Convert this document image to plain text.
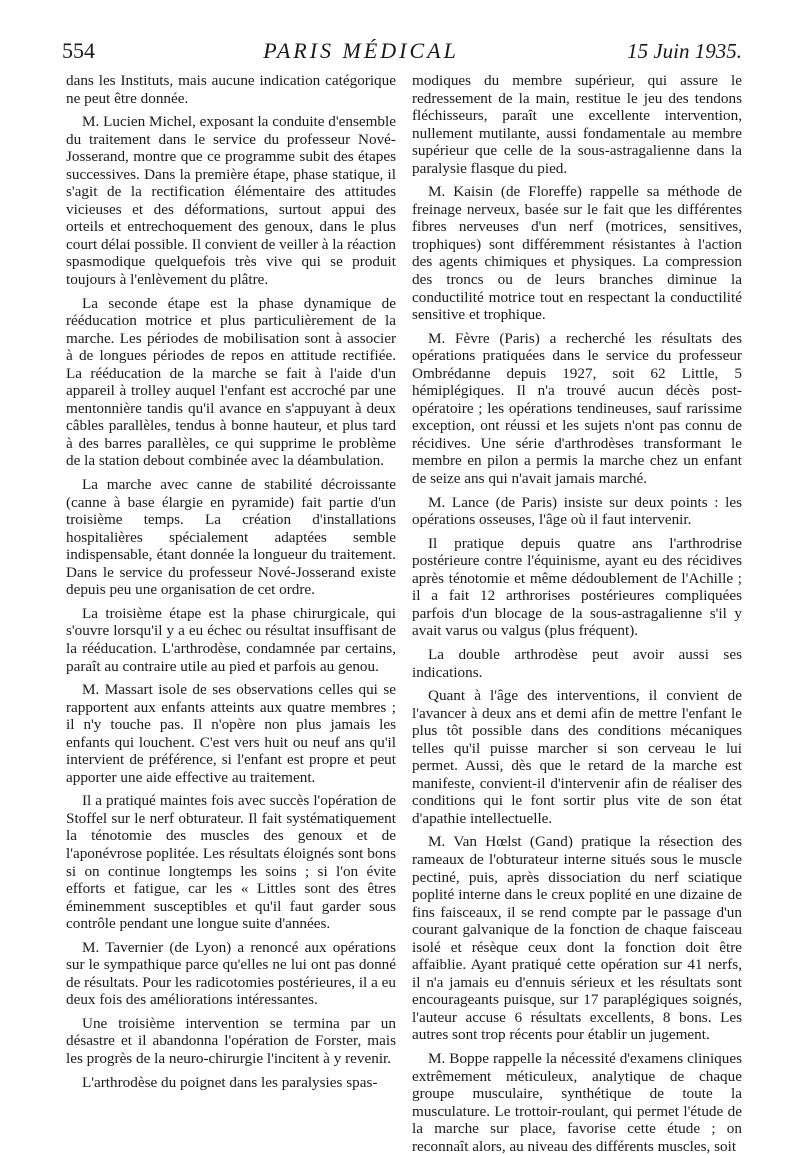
554	PARIS MÉDICAL	15 Juin 1935.

dans les Instituts, mais aucune indication catégorique ne peut être donnée.

M. Lucien Michel, exposant la conduite d'ensemble du traitement dans le service du professeur Nové-Josserand, montre que ce programme subit des étapes successives. Dans la première étape, phase statique, il s'agit de la rectification élémentaire des attitudes vicieuses et des déformations, surtout appui des orteils et entrechoquement des genoux, dans le plus court délai possible. Il convient de veiller à la réaction spasmodique quelquefois très vive qui se produit toujours à l'enlèvement du plâtre.

La seconde étape est la phase dynamique de rééducation motrice et plus particulièrement de la marche. Les périodes de mobilisation sont à associer à de longues périodes de repos en attitude rectifiée. La rééducation de la marche se fait à l'aide d'un appareil à trolley auquel l'enfant est accroché par une mentonnière tandis qu'il avance en s'appuyant à deux câbles parallèles, tendus à bonne hauteur, et plus tard à des barres parallèles, ce qui supprime le problème de la station debout combinée avec la déambulation.

La marche avec canne de stabilité décroissante (canne à base élargie en pyramide) fait partie d'un troisième temps. La création d'installations hospitalières spécialement adaptées semble indispensable, étant donnée la longueur du traitement. Dans le service du professeur Nové-Josserand existe depuis peu une organisation de cet ordre.

La troisième étape est la phase chirurgicale, qui s'ouvre lorsqu'il y a eu échec ou résultat insuffisant de la rééducation. L'arthrodèse, condamnée par certains, paraît au contraire utile au pied et parfois au genou.

M. Massart isole de ses observations celles qui se rapportent aux enfants atteints aux quatre membres ; il n'y touche pas. Il n'opère non plus jamais les enfants qui louchent. C'est vers huit ou neuf ans qu'il intervient de préférence, si l'enfant est propre et peut apporter une aide effective au traitement.

Il a pratiqué maintes fois avec succès l'opération de Stoffel sur le nerf obturateur. Il fait systématiquement la ténotomie des muscles des genoux et de l'aponévrose poplitée. Les résultats éloignés sont bons si on continue longtemps les soins ; si l'on évite efforts et fatigue, car les « Littles sont des êtres éminemment susceptibles et qu'il faut garder sous contrôle pendant une longue suite d'années.

M. Tavernier (de Lyon) a renoncé aux opérations sur le sympathique parce qu'elles ne lui ont pas donné de résultats. Pour les radicotomies postérieures, il a eu deux fois des améliorations intéressantes.

Une troisième intervention se termina par un désastre et il abandonna l'opération de Forster, mais les progrès de la neuro-chirurgie l'incitent à y revenir.

L'arthrodèse du poignet dans les paralysies spas-

modiques du membre supérieur, qui assure le redressement de la main, restitue le jeu des tendons fléchisseurs, paraît une excellente intervention, nullement mutilante, aussi fondamentale au membre supérieur que celle de la sous-astragalienne dans la paralysie flasque du pied.

M. Kaisin (de Floreffe) rappelle sa méthode de freinage nerveux, basée sur le fait que les différentes fibres nerveuses d'un nerf (motrices, sensitives, trophiques) sont différemment résistantes à l'action des agents chimiques et physiques. La compression des troncs ou de leurs branches diminue la conductilité motrice tout en respectant la conductilité sensitive et trophique.

M. Fèvre (Paris) a recherché les résultats des opérations pratiquées dans le service du professeur Ombrédanne depuis 1927, soit 62 Little, 5 hémiplégiques. Il n'a trouvé aucun décès post-opératoire ; les opérations tendineuses, sauf rarissime exception, ont réussi et les sujets n'ont pas connu de récidives. Une série d'arthrodèses transformant le membre en pilon a permis la marche chez un enfant de seize ans qui n'avait jamais marché.

M. Lance (de Paris) insiste sur deux points : les opérations osseuses, l'âge où il faut intervenir.

Il pratique depuis quatre ans l'arthrodrise postérieure contre l'équinisme, ayant eu des récidives après ténotomie et même dédoublement de l'Achille ; il a fait 12 arthrorises postérieures compliquées parfois d'un blocage de la sous-astragalienne s'il y avait varus ou valgus (plus fréquent).

La double arthrodèse peut avoir aussi ses indications.

Quant à l'âge des interventions, il convient de l'avancer à deux ans et demi afin de mettre l'enfant le plus tôt possible dans des conditions mécaniques telles qu'il puisse marcher si son cerveau le lui permet. Aussi, dès que le retard de la marche est manifeste, convient-il d'intervenir afin de réaliser des conditions qui le font sortir plus vite de son état d'apathie intellectuelle.

M. Van Hœlst (Gand) pratique la résection des rameaux de l'obturateur interne situés sous le muscle pectiné, puis, après dissociation du nerf sciatique poplité interne dans le creux poplité en une dizaine de fins faisceaux, il se rend compte par le passage d'un courant galvanique de la fonction de chaque faisceau isolé et résèque ceux dont la fonction doit être affaiblie. Ayant pratiqué cette opération sur 41 nerfs, il n'a jamais eu d'ennuis sérieux et les résultats sont encourageants puisque, sur 17 paraplégiques soignés, l'auteur accuse 6 résultats excellents, 8 bons. Les autres sont trop récents pour établir un jugement.

M. Boppe rappelle la nécessité d'examens cliniques extrêmement méticuleux, analytique de chaque groupe musculaire, synthétique de toute la musculature. Le trottoir-roulant, qui permet l'étude de la marche sur place, favorise cette étude ; on reconnaît alors, au niveau des différents muscles, soit
